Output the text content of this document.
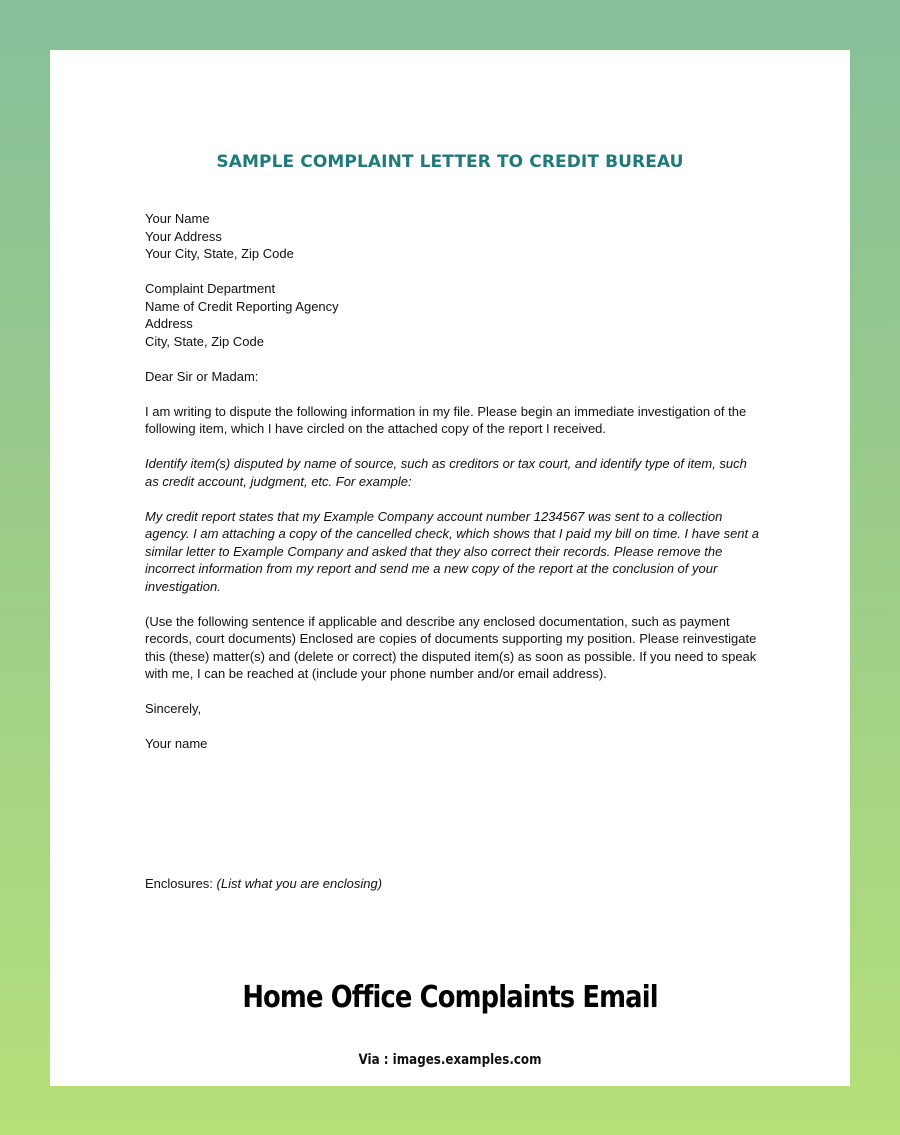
SAMPLE COMPLAINT LETTER TO CREDIT BUREAU

Your Name
Your Address
Your City, State, Zip Code

Complaint Department
Name of Credit Reporting Agency
Address
City, State, Zip Code

Dear Sir or Madam:

I am writing to dispute the following information in my file. Please begin an immediate investigation of the following item, which I have circled on the attached copy of the report I received.

Identify item(s) disputed by name of source, such as creditors or tax court, and identify type of item, such as credit account, judgment, etc. For example:

My credit report states that my Example Company account number 1234567 was sent to a collection agency. I am attaching a copy of the cancelled check, which shows that I paid my bill on time. I have sent a similar letter to Example Company and asked that they also correct their records. Please remove the incorrect information from my report and send me a new copy of the report at the conclusion of your investigation.

(Use the following sentence if applicable and describe any enclosed documentation, such as payment records, court documents) Enclosed are copies of documents supporting my position. Please reinvestigate this (these) matter(s) and (delete or correct) the disputed item(s) as soon as possible. If you need to speak with me, I can be reached at (include your phone number and/or email address).

Sincerely,

Your name

Enclosures: (List what you are enclosing)

Home Office Complaints Email
Via : images.examples.com
